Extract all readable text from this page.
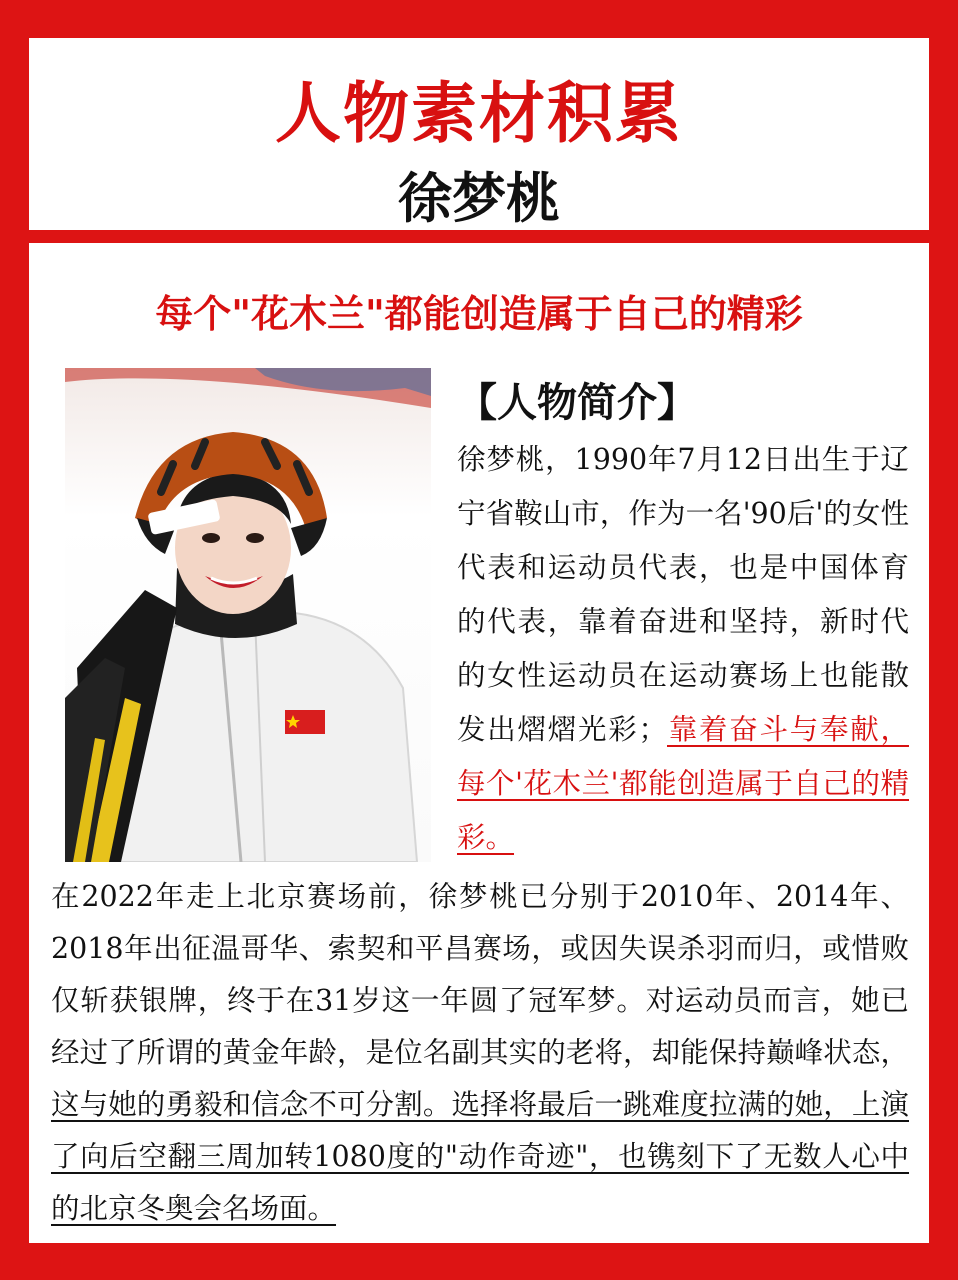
人物素材积累
徐梦桃
每个"花木兰"都能创造属于自己的精彩
【人物简介】
徐梦桃，1990年7月12日出生于辽宁省鞍山市，作为一名'90后'的女性代表和运动员代表，也是中国体育的代表，靠着奋进和坚持，新时代的女性运动员在运动赛场上也能散发出熠熠光彩；靠着奋斗与奉献，每个'花木兰'都能创造属于自己的精彩。
在2022年走上北京赛场前，徐梦桃已分别于2010年、2014年、2018年出征温哥华、索契和平昌赛场，或因失误杀羽而归，或惜败仅斩获银牌，终于在31岁这一年圆了冠军梦。对运动员而言，她已经过了所谓的黄金年龄，是位名副其实的老将，却能保持巅峰状态，这与她的勇毅和信念不可分割。选择将最后一跳难度拉满的她，上演了向后空翻三周加转1080度的"动作奇迹"，也镌刻下了无数人心中的北京冬奥会名场面。
